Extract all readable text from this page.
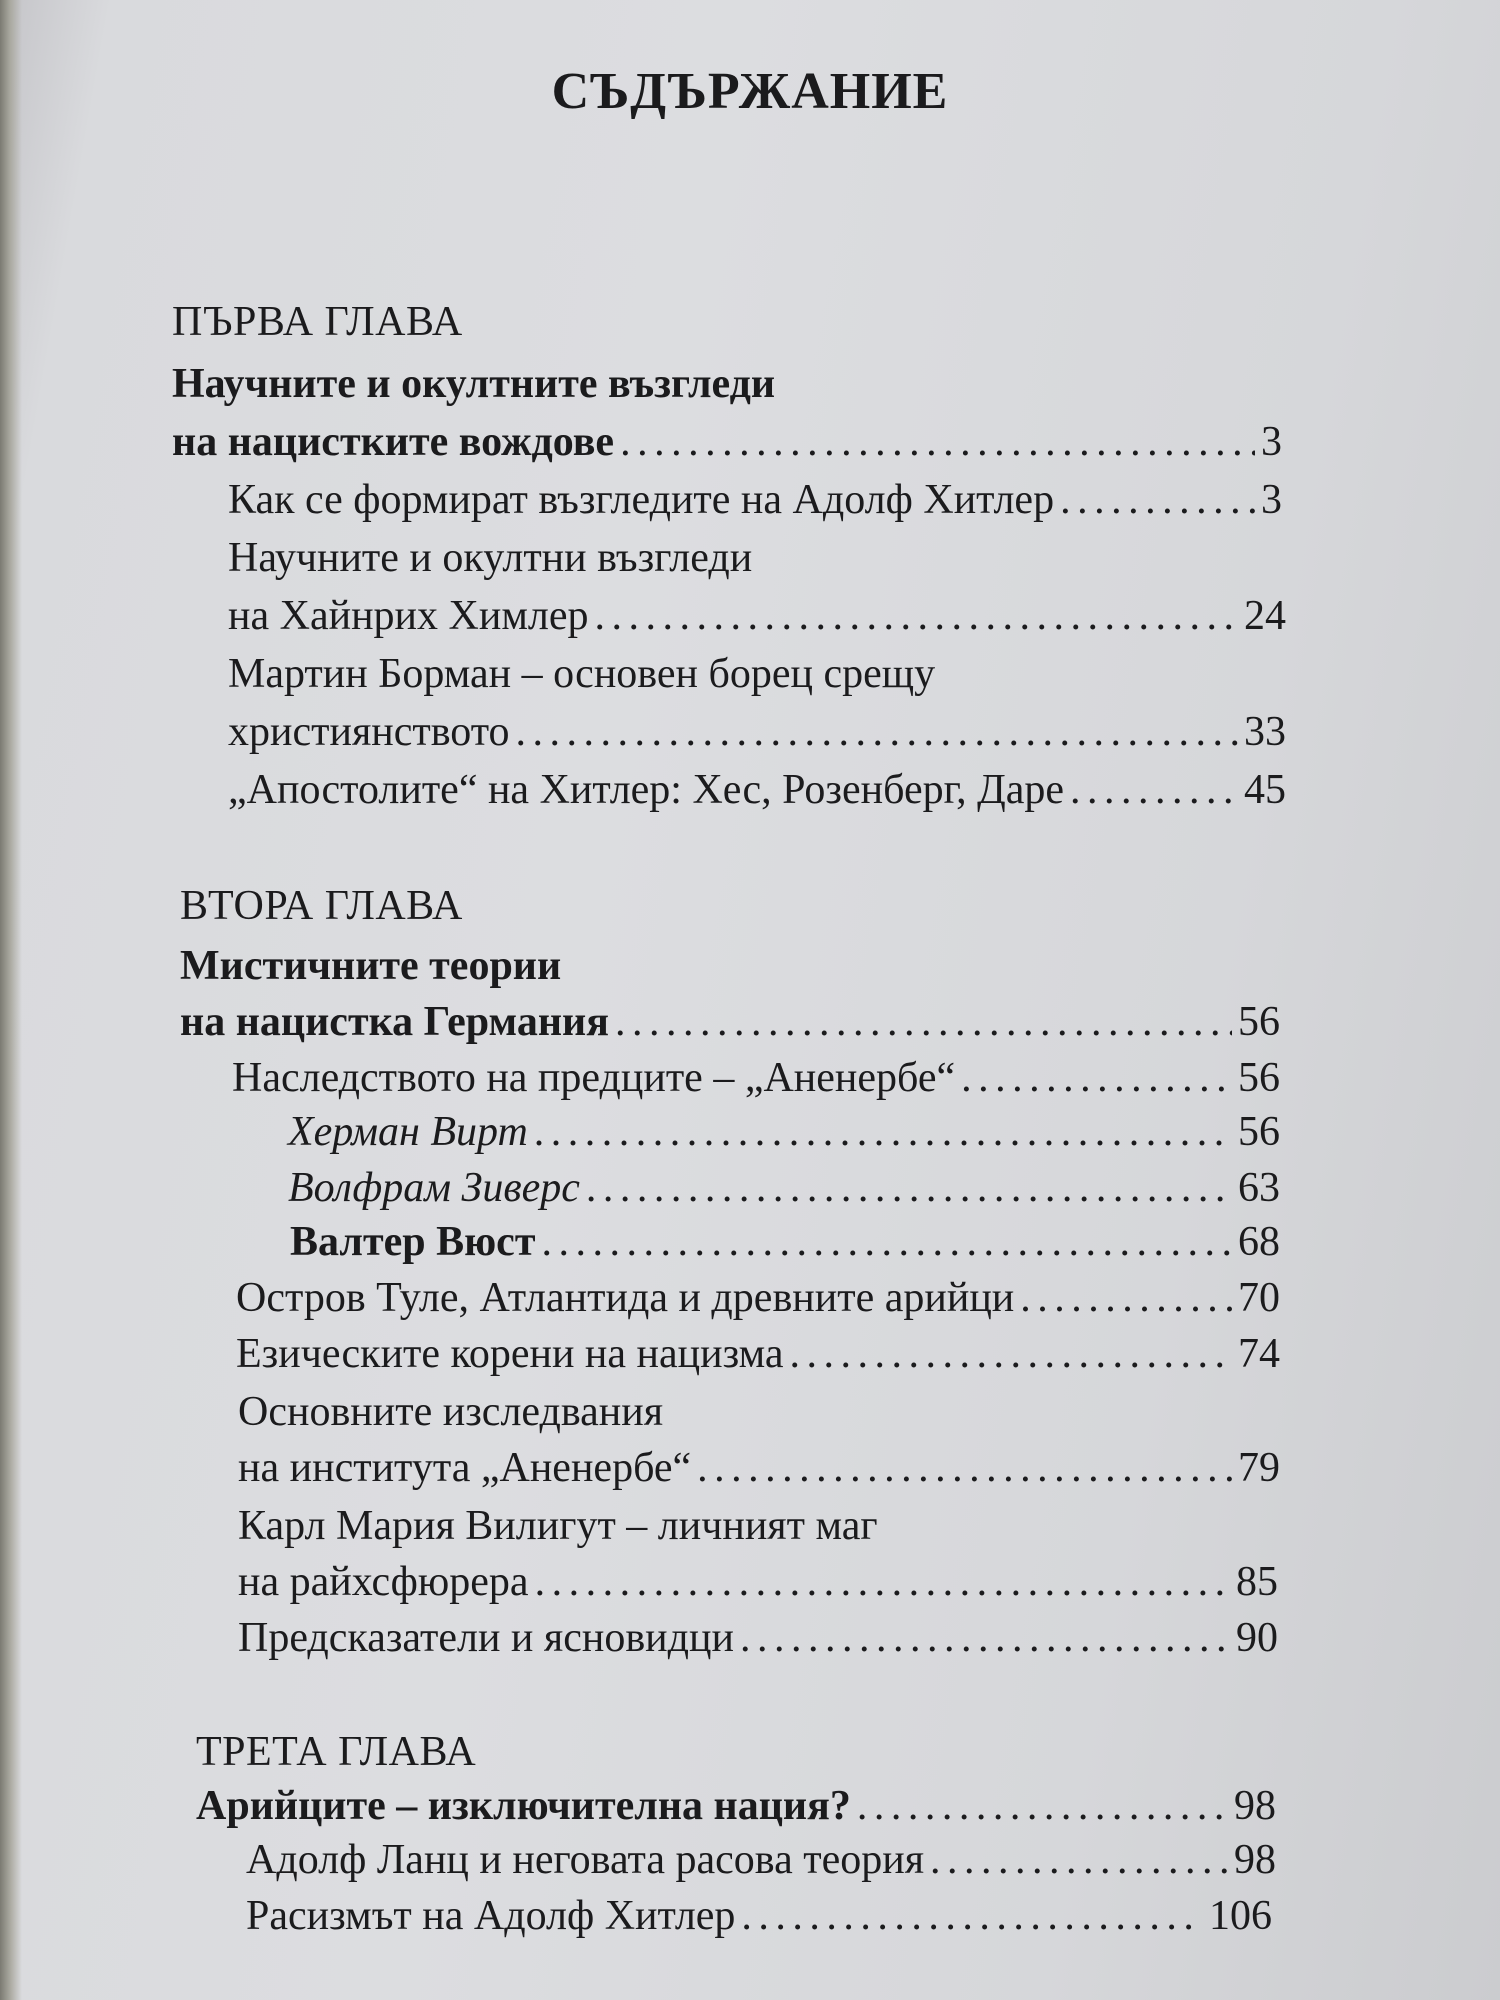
СЪДЪРЖАНИЕ
ПЪРВА ГЛАВА
Научните и окултните възгледи
на нацистките вождове . . .	3
Как се формират възгледите на Адолф Хитлер . . .	3
Научните и окултни възгледи
на Хайнрих Химлер . . .	24
Мартин Борман – основен борец срещу
християнството . . .	33
„Апостолите“ на Хитлер: Хес, Розенберг, Даре . . .	45
ВТОРА ГЛАВА
Мистичните теории
на нацистка Германия . . .	56
Наследството на предците – „Аненербе“ . . .	56
Херман Вирт . . .	56
Волфрам Зиверс . . .	63
Валтер Вюст . . .	68
Остров Туле, Атлантида и древните арийци . . .	70
Езическите корени на нацизма . . .	74
Основните изследвания
на института „Аненербе“ . . .	79
Карл Мария Вилигут – личният маг
на райхсфюрера . . .	85
Предсказатели и ясновидци . . .	90
ТРЕТА ГЛАВА
Арийците – изключителна нация? . . .	98
Адолф Ланц и неговата расова теория . . .	98
Расизмът на Адолф Хитлер . . .	106
